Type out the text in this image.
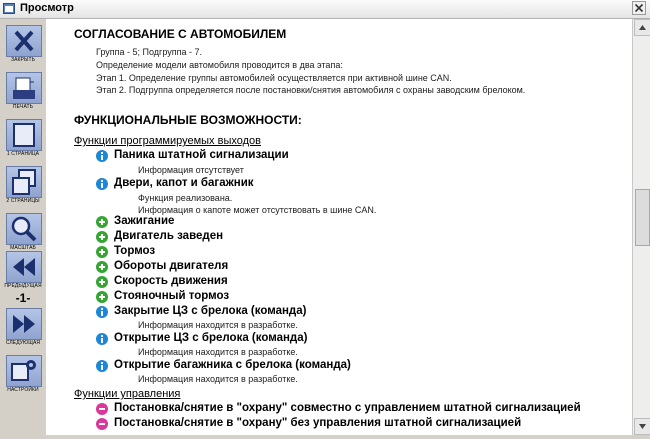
Просмотр
ЗАКРЫТЬ
ПЕЧАТЬ
1 СТРАНИЦА
2 СТРАНИЦЫ
МАСШТАБ
ПРЕДЫДУЩАЯ
-1-
СЛЕДУЮЩАЯ
НАСТРОЙКИ
СОГЛАСОВАНИЕ С АВТОМОБИЛЕМ
Группа - 5; Подгруппа - 7.
Определение модели автомобиля проводится в два этапа:
Этап 1. Определение группы автомобилей осуществляется при активной шине CAN.
Этап 2. Подгруппа определяется после постановки/снятия автомобиля с охраны заводским брелоком.
ФУНКЦИОНАЛЬНЫЕ ВОЗМОЖНОСТИ:
Функции программируемых выходов
Паника штатной сигнализации
Информация отсутствует
Двери, капот и багажник
Функция реализована.
Информация о капоте может отсутствовать в шине CAN.
Зажигание
Двигатель заведен
Тормоз
Обороты двигателя
Скорость движения
Стояночный тормоз
Закрытие ЦЗ с брелока (команда)
Информация находится в разработке.
Открытие ЦЗ с брелока (команда)
Информация находится в разработке.
Открытие багажника с брелока (команда)
Информация находится в разработке.
Функции управления
Постановка/снятие в "охрану" совместно с управлением штатной сигнализацией
Постановка/снятие в "охрану" без управления штатной сигнализацией
